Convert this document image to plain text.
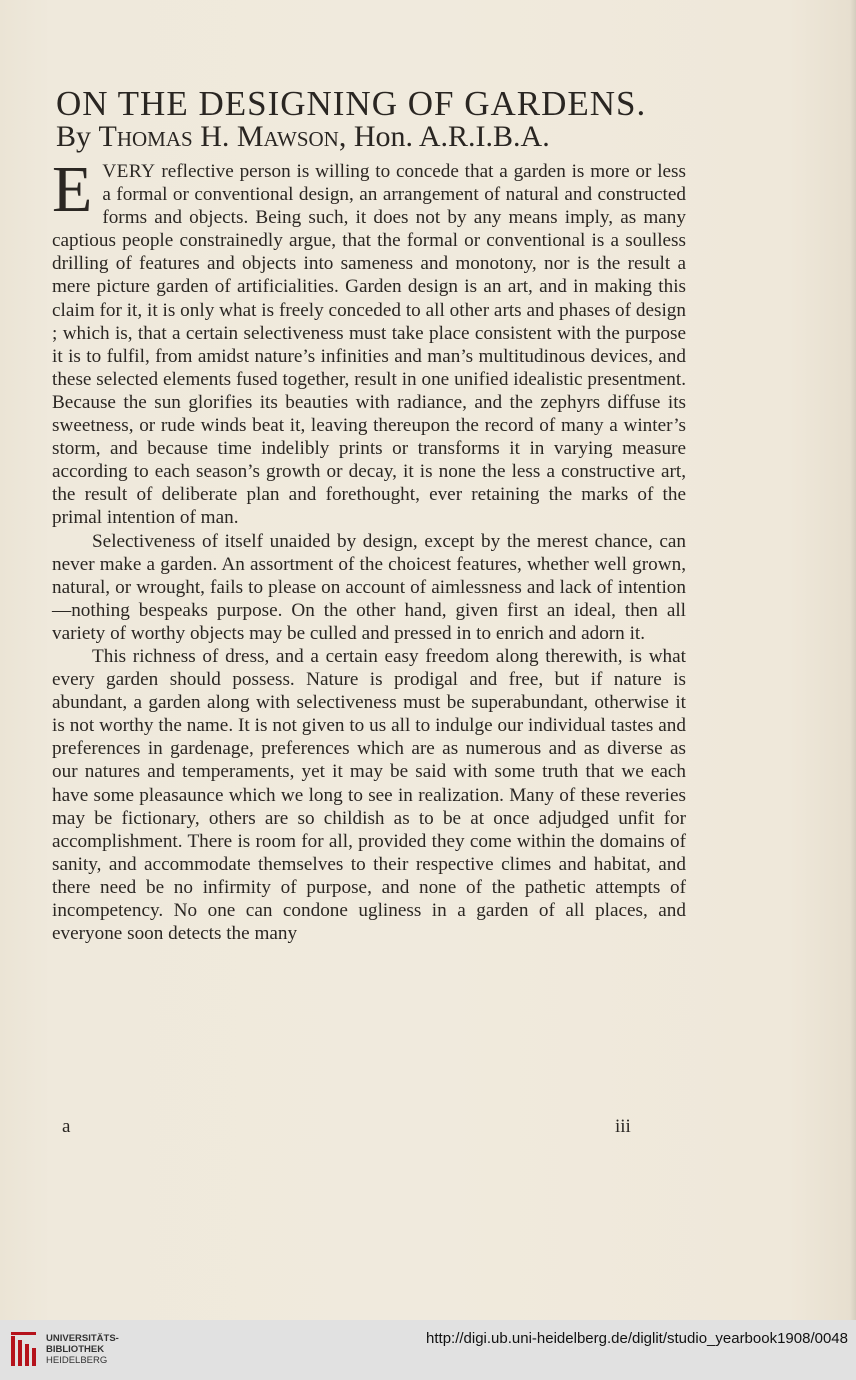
ON THE DESIGNING OF GARDENS.
By Thomas H. Mawson, Hon. A.R.I.B.A.

EVERY reflective person is willing to concede that a garden is more or less a formal or conventional design, an arrangement of natural and constructed forms and objects. Being such, it does not by any means imply, as many captious people constrainedly argue, that the formal or conventional is a soulless drilling of features and objects into sameness and monotony, nor is the result a mere picture garden of artificialities. Garden design is an art, and in making this claim for it, it is only what is freely conceded to all other arts and phases of design ; which is, that a certain selectiveness must take place consistent with the purpose it is to fulfil, from amidst nature’s infinities and man’s multitudinous devices, and these selected elements fused together, result in one unified idealistic presentment. Because the sun glorifies its beauties with radiance, and the zephyrs diffuse its sweetness, or rude winds beat it, leaving thereupon the record of many a winter’s storm, and because time indelibly prints or transforms it in varying measure according to each season’s growth or decay, it is none the less a constructive art, the result of deliberate plan and forethought, ever retaining the marks of the primal intention of man.

Selectiveness of itself unaided by design, except by the merest chance, can never make a garden. An assortment of the choicest features, whether well grown, natural, or wrought, fails to please on account of aimlessness and lack of intention—nothing bespeaks purpose. On the other hand, given first an ideal, then all variety of worthy objects may be culled and pressed in to enrich and adorn it.

This richness of dress, and a certain easy freedom along therewith, is what every garden should possess. Nature is prodigal and free, but if nature is abundant, a garden along with selectiveness must be superabundant, otherwise it is not worthy the name. It is not given to us all to indulge our individual tastes and preferences in gardenage, preferences which are as numerous and as diverse as our natures and temperaments, yet it may be said with some truth that we each have some pleasaunce which we long to see in realization. Many of these reveries may be fictionary, others are so childish as to be at once adjudged unfit for accomplishment. There is room for all, provided they come within the domains of sanity, and accommodate themselves to their respective climes and habitat, and there need be no infirmity of purpose, and none of the pathetic attempts of incompetency. No one can condone ugliness in a garden of all places, and everyone soon detects the many

a	iii
UNIVERSITÄTS-
BIBLIOTHEK
HEIDELBERG
http://digi.ub.uni-heidelberg.de/diglit/studio_yearbook1908/0048
